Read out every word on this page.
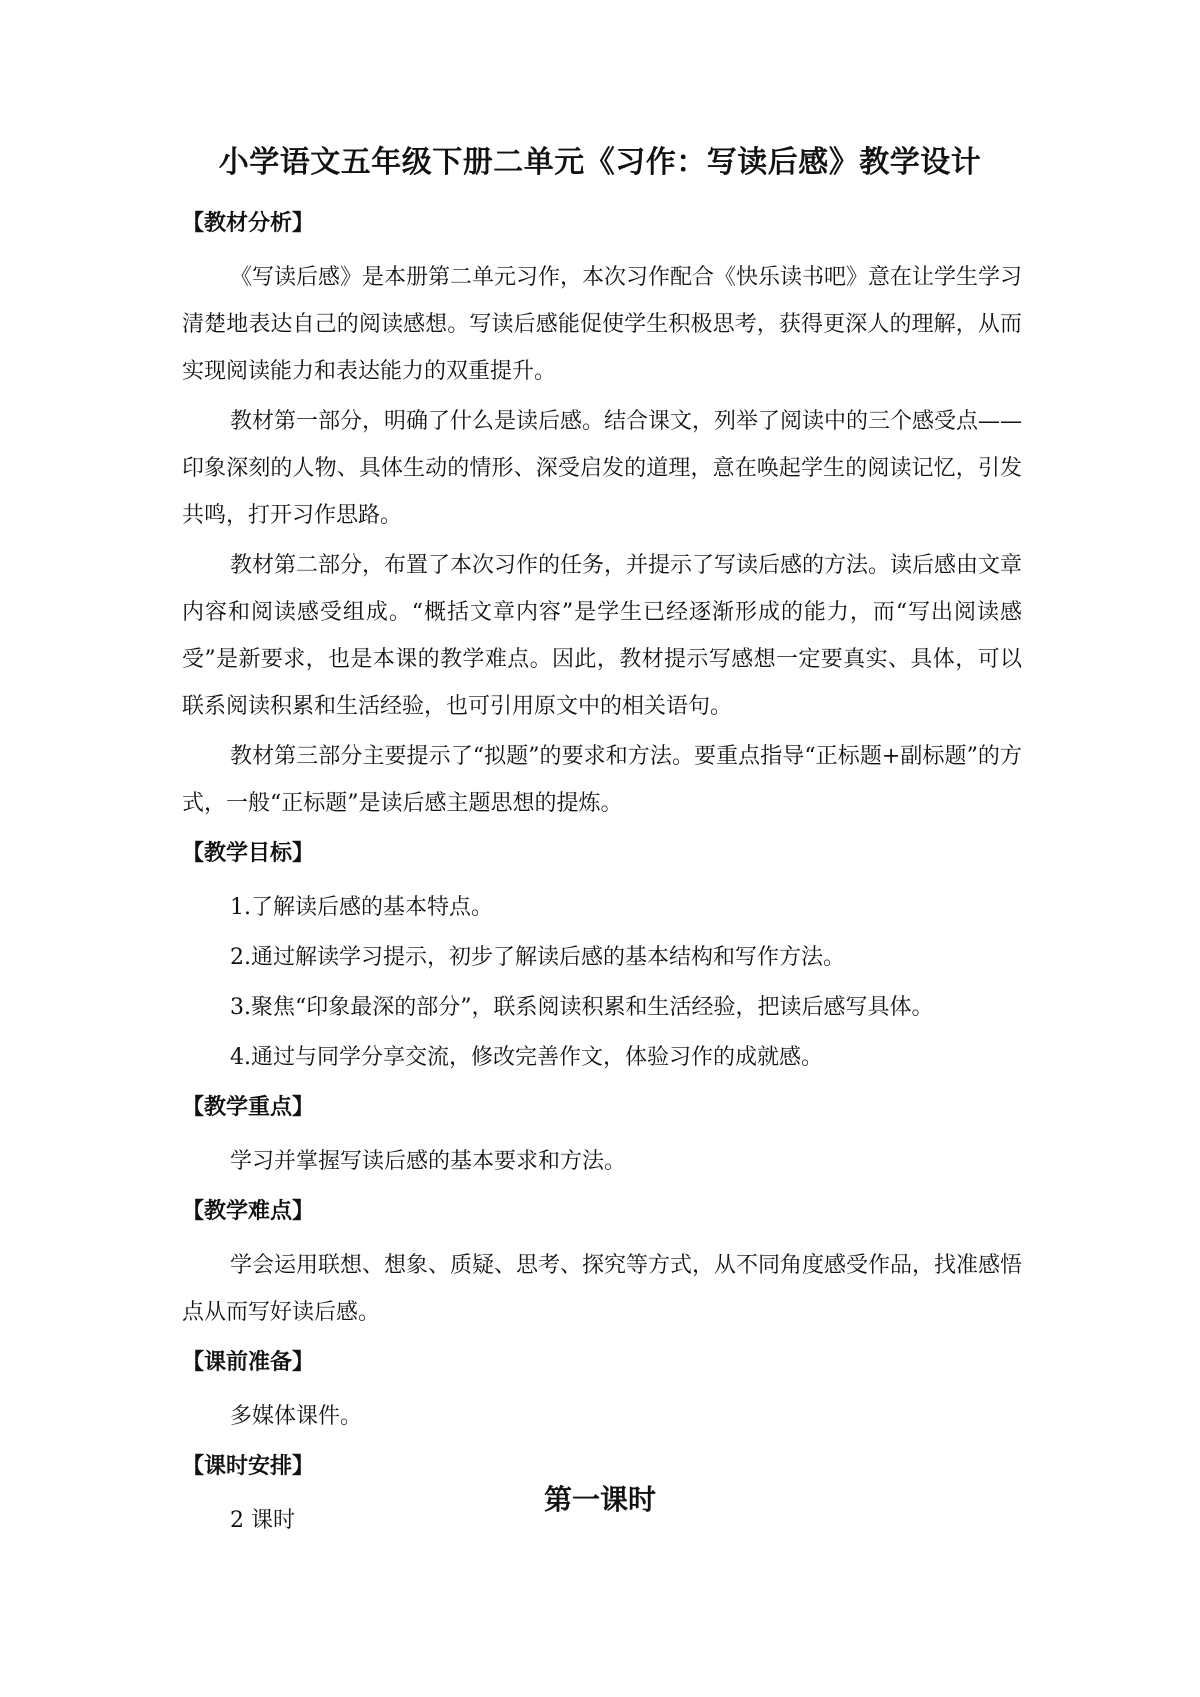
小学语文五年级下册二单元《习作：写读后感》教学设计
【教材分析】

《写读后感》是本册第二单元习作，本次习作配合《快乐读书吧》意在让学生学习清楚地表达自己的阅读感想。写读后感能促使学生积极思考，获得更深人的理解，从而实现阅读能力和表达能力的双重提升。

教材第一部分，明确了什么是读后感。结合课文，列举了阅读中的三个感受点——印象深刻的人物、具体生动的情形、深受启发的道理，意在唤起学生的阅读记忆，引发共鸣，打开习作思路。

教材第二部分，布置了本次习作的任务，并提示了写读后感的方法。读后感由文章内容和阅读感受组成。“概括文章内容”是学生已经逐渐形成的能力，而“写出阅读感受”是新要求，也是本课的教学难点。因此，教材提示写感想一定要真实、具体，可以联系阅读积累和生活经验，也可引用原文中的相关语句。

教材第三部分主要提示了“拟题”的要求和方法。要重点指导“正标题+副标题”的方式，一般“正标题”是读后感主题思想的提炼。

【教学目标】

1.了解读后感的基本特点。

2.通过解读学习提示，初步了解读后感的基本结构和写作方法。

3.聚焦“印象最深的部分”，联系阅读积累和生活经验，把读后感写具体。

4.通过与同学分享交流，修改完善作文，体验习作的成就感。

【教学重点】

学习并掌握写读后感的基本要求和方法。

【教学难点】

学会运用联想、想象、质疑、思考、探究等方式，从不同角度感受作品，找准感悟点从而写好读后感。

【课前准备】

多媒体课件。

【课时安排】

2 课时

第一课时
